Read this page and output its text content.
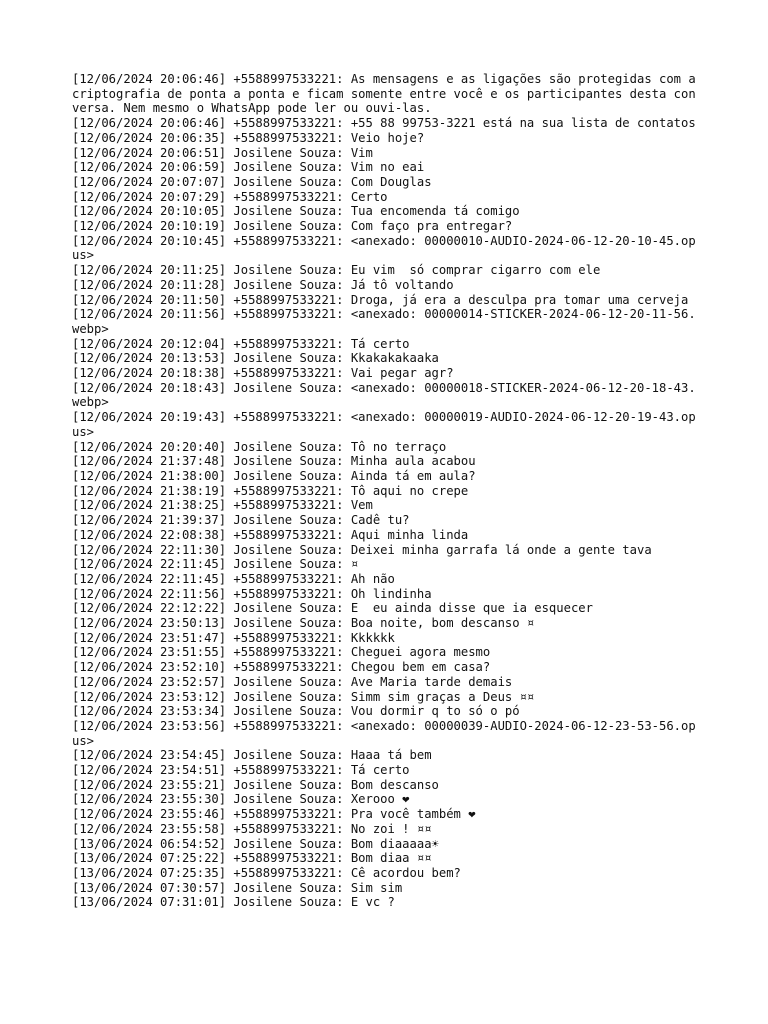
[12/06/2024 20:06:46] +5588997533221: As mensagens e as ligações são protegidas com a criptografia de ponta a ponta e ficam somente entre você e os participantes desta conversa. Nem mesmo o WhatsApp pode ler ou ouvi-las.

[12/06/2024 20:06:46] +5588997533221: +55 88 99753-3221 está na sua lista de contatos

[12/06/2024 20:06:35] +5588997533221: Veio hoje?

[12/06/2024 20:06:51] Josilene Souza: Vim

[12/06/2024 20:06:59] Josilene Souza: Vim no eai

[12/06/2024 20:07:07] Josilene Souza: Com Douglas

[12/06/2024 20:07:29] +5588997533221: Certo

[12/06/2024 20:10:05] Josilene Souza: Tua encomenda tá comigo

[12/06/2024 20:10:19] Josilene Souza: Com faço pra entregar?

[12/06/2024 20:10:45] +5588997533221: <anexado: 00000010-AUDIO-2024-06-12-20-10-45.opus>

[12/06/2024 20:11:25] Josilene Souza: Eu vim  só comprar cigarro com ele

[12/06/2024 20:11:28] Josilene Souza: Já tô voltando

[12/06/2024 20:11:50] +5588997533221: Droga, já era a desculpa pra tomar uma cerveja

[12/06/2024 20:11:56] +5588997533221: <anexado: 00000014-STICKER-2024-06-12-20-11-56.webp>

[12/06/2024 20:12:04] +5588997533221: Tá certo

[12/06/2024 20:13:53] Josilene Souza: Kkakakakaaka

[12/06/2024 20:18:38] +5588997533221: Vai pegar agr?

[12/06/2024 20:18:43] Josilene Souza: <anexado: 00000018-STICKER-2024-06-12-20-18-43.webp>

[12/06/2024 20:19:43] +5588997533221: <anexado: 00000019-AUDIO-2024-06-12-20-19-43.opus>

[12/06/2024 20:20:40] Josilene Souza: Tô no terraço

[12/06/2024 21:37:48] Josilene Souza: Minha aula acabou

[12/06/2024 21:38:00] Josilene Souza: Ainda tá em aula?

[12/06/2024 21:38:19] +5588997533221: Tô aqui no crepe

[12/06/2024 21:38:25] +5588997533221: Vem

[12/06/2024 21:39:37] Josilene Souza: Cadê tu?

[12/06/2024 22:08:38] +5588997533221: Aqui minha linda

[12/06/2024 22:11:30] Josilene Souza: Deixei minha garrafa lá onde a gente tava

[12/06/2024 22:11:45] Josilene Souza: ¤

[12/06/2024 22:11:45] +5588997533221: Ah não

[12/06/2024 22:11:56] +5588997533221: Oh lindinha

[12/06/2024 22:12:22] Josilene Souza: E  eu ainda disse que ia esquecer

[12/06/2024 23:50:13] Josilene Souza: Boa noite, bom descanso ¤

[12/06/2024 23:51:47] +5588997533221: Kkkkkk

[12/06/2024 23:51:55] +5588997533221: Cheguei agora mesmo

[12/06/2024 23:52:10] +5588997533221: Chegou bem em casa?

[12/06/2024 23:52:57] Josilene Souza: Ave Maria tarde demais

[12/06/2024 23:53:12] Josilene Souza: Simm sim graças a Deus ¤¤

[12/06/2024 23:53:34] Josilene Souza: Vou dormir q to só o pó

[12/06/2024 23:53:56] +5588997533221: <anexado: 00000039-AUDIO-2024-06-12-23-53-56.opus>

[12/06/2024 23:54:45] Josilene Souza: Haaa tá bem

[12/06/2024 23:54:51] +5588997533221: Tá certo

[12/06/2024 23:55:21] Josilene Souza: Bom descanso

[12/06/2024 23:55:30] Josilene Souza: Xerooo ❤

[12/06/2024 23:55:46] +5588997533221: Pra você também ❤

[12/06/2024 23:55:58] +5588997533221: No zoi ! ¤¤

[13/06/2024 06:54:52] Josilene Souza: Bom diaaaaa☀

[13/06/2024 07:25:22] +5588997533221: Bom diaa ¤¤

[13/06/2024 07:25:35] +5588997533221: Cê acordou bem?

[13/06/2024 07:30:57] Josilene Souza: Sim sim

[13/06/2024 07:31:01] Josilene Souza: E vc ?
